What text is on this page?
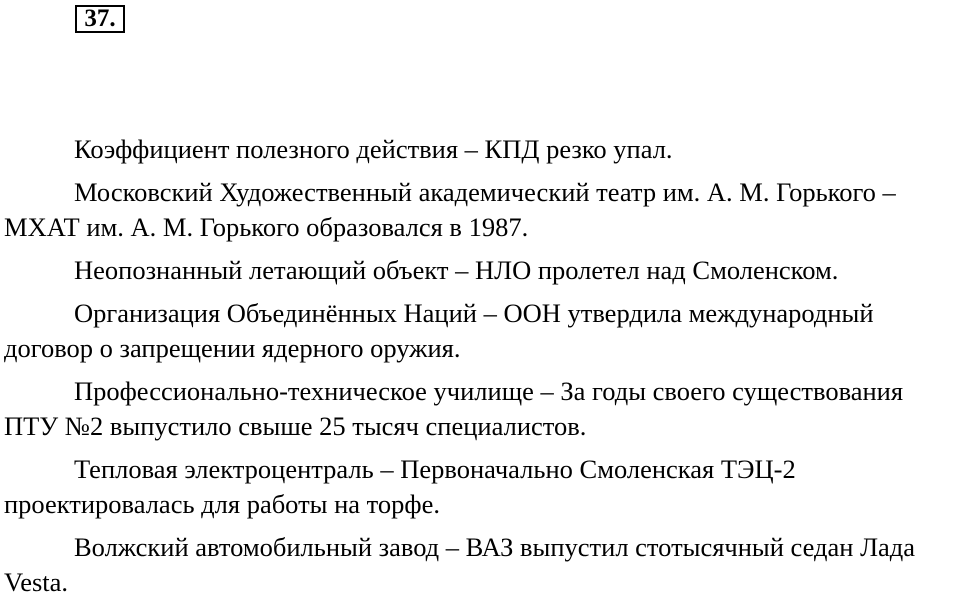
37.

Коэффициент полезного действия – КПД резко упал.

Московский Художественный академический театр им. А. М. Горького – МХАТ им. А. М. Горького образовался в 1987.

Неопознанный летающий объект – НЛО пролетел над Смоленском.

Организация Объединённых Наций – ООН утвердила международный договор о запрещении ядерного оружия.

Профессионально-техническое училище – За годы своего существования ПТУ №2 выпустило свыше 25 тысяч специалистов.

Тепловая электроцентраль – Первоначально Смоленская ТЭЦ-2 проектировалась для работы на торфе.

Волжский автомобильный завод – ВАЗ выпустил стотысячный седан Лада Vesta.
